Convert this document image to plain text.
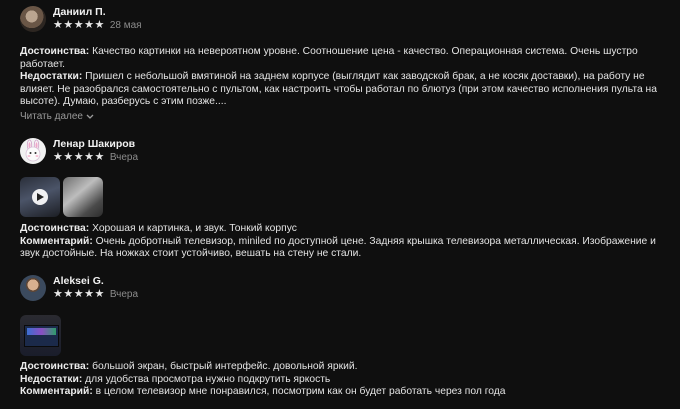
Даниил П.
★★★★★ 28 мая
Достоинства: Качество картинки на невероятном уровне. Соотношение цена - качество. Операционная система. Очень шустро работает.
Недостатки: Пришел с небольшой вмятиной на заднем корпусе (выглядит как заводской брак, а не косяк доставки), на работу не влияет. Не разобрался самостоятельно с пультом, как настроить чтобы работал по блютуз (при этом качество исполнения пульта на высоте). Думаю, разберусь с этим позже....
Читать далее
Ленар Шакиров
★★★★★ Вчера
Достоинства: Хорошая и картинка, и звук. Тонкий корпус
Комментарий: Очень добротный телевизор, miniled по доступной цене. Задняя крышка телевизора металлическая. Изображение и звук достойные. На ножках стоит устойчиво, вешать на стену не стали.
Aleksei G.
★★★★★ Вчера
Достоинства: большой экран, быстрый интерфейс. довольной яркий.
Недостатки: для удобства просмотра нужно подкрутить яркость
Комментарий: в целом телевизор мне понравился, посмотрим как он будет работать через пол года
